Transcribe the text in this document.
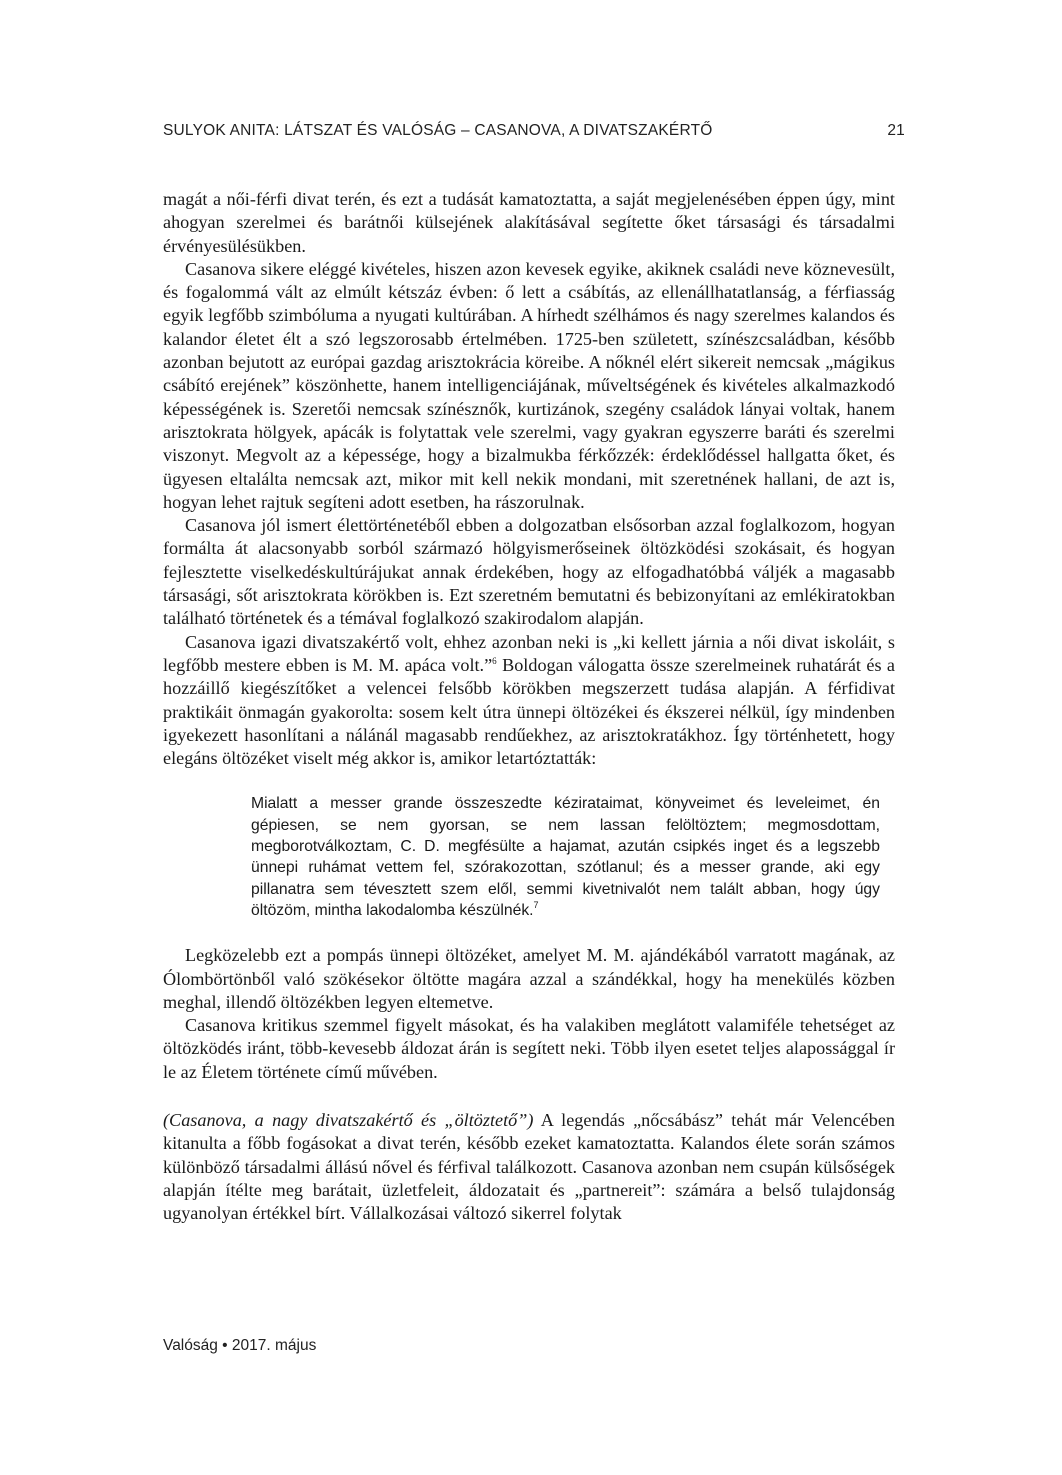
SULYOK ANITA: LÁTSZAT ÉS VALÓSÁG – CASANOVA, A DIVATSZAKÉRTŐ	21

magát a női-férfi divat terén, és ezt a tudását kamatoztatta, a saját megjelenésében éppen úgy, mint ahogyan szerelmei és barátnői külsejének alakításával segítette őket társasági és társadalmi érvényesülésükben.

Casanova sikere eléggé kivételes, hiszen azon kevesek egyike, akiknek családi neve köznevesült, és fogalommá vált az elmúlt kétszáz évben: ő lett a csábítás, az ellenállhatatlanság, a férfiasság egyik legfőbb szimbóluma a nyugati kultúrában. A hírhedt szélhámos és nagy szerelmes kalandos és kalandor életet élt a szó legszorosabb értelmében. 1725-ben született, színészcsaládban, később azonban bejutott az európai gazdag arisztokrácia köreibe. A nőknél elért sikereit nemcsak „mágikus csábító erejének” köszönhette, hanem intelligenciájának, műveltségének és kivételes alkalmazkodó képességének is. Szeretői nemcsak színésznők, kurtizánok, szegény családok lányai voltak, hanem arisztokrata hölgyek, apácák is folytattak vele szerelmi, vagy gyakran egyszerre baráti és szerelmi viszonyt. Megvolt az a képessége, hogy a bizalmukba férkőzzék: érdeklődéssel hallgatta őket, és ügyesen eltalálta nemcsak azt, mikor mit kell nekik mondani, mit szeretnének hallani, de azt is, hogyan lehet rajtuk segíteni adott esetben, ha rászorulnak.

Casanova jól ismert élettörténetéből ebben a dolgozatban elsősorban azzal foglalkozom, hogyan formálta át alacsonyabb sorból származó hölgyismerőseinek öltözködési szokásait, és hogyan fejlesztette viselkedéskultúrájukat annak érdekében, hogy az elfogadhatóbbá váljék a magasabb társasági, sőt arisztokrata körökben is. Ezt szeretném bemutatni és bebizonyítani az emlékiratokban található történetek és a témával foglalkozó szakirodalom alapján.

Casanova igazi divatszakértő volt, ehhez azonban neki is „ki kellett járnia a női divat iskoláit, s legfőbb mestere ebben is M. M. apáca volt.”$^6$ Boldogan válogatta össze szerelmeinek ruhatárát és a hozzáillő kiegészítőket a velencei felsőbb körökben megszerzett tudása alapján. A férfidivat praktikáit önmagán gyakorolta: sosem kelt útra ünnepi öltözékei és ékszerei nélkül, így mindenben igyekezett hasonlítani a nálánál magasabb rendűekhez, az arisztokratákhoz. Így történhetett, hogy elegáns öltözéket viselt még akkor is, amikor letartóztatták:

Mialatt a messer grande összeszedte kézirataimat, könyveimet és leveleimet, én gépiesen, se nem gyorsan, se nem lassan felöltöztem; megmosdottam, megborotválkoztam, C. D. megfésülte a hajamat, azután csipkés inget és a legszebb ünnepi ruhámat vettem fel, szórakozottan, szótlanul; és a messer grande, aki egy pillanatra sem tévesztett szem elől, semmi kivetnivalót nem talált abban, hogy úgy öltözöm, mintha lakodalomba készülnék.$^7$

Legközelebb ezt a pompás ünnepi öltözéket, amelyet M. M. ajándékából varratott magának, az Ólombörtönből való szökésekor öltötte magára azzal a szándékkal, hogy ha menekülés közben meghal, illendő öltözékben legyen eltemetve.

Casanova kritikus szemmel figyelt másokat, és ha valakiben meglátott valamiféle tehetséget az öltözködés iránt, több-kevesebb áldozat árán is segített neki. Több ilyen esetet teljes alapossággal ír le az Életem története című művében.

(Casanova, a nagy divatszakértő és „öltöztető”) A legendás „nőcsábász” tehát már Velencében kitanulta a főbb fogásokat a divat terén, később ezeket kamatoztatta. Kalandos élete során számos különböző társadalmi állású nővel és férfival találkozott. Casanova azonban nem csupán külsőségek alapján ítélte meg barátait, üzletfeleit, áldozatait és „partnereit”: számára a belső tulajdonság ugyanolyan értékkel bírt. Vállalkozásai változó sikerrel folytak

Valóság • 2017. május
